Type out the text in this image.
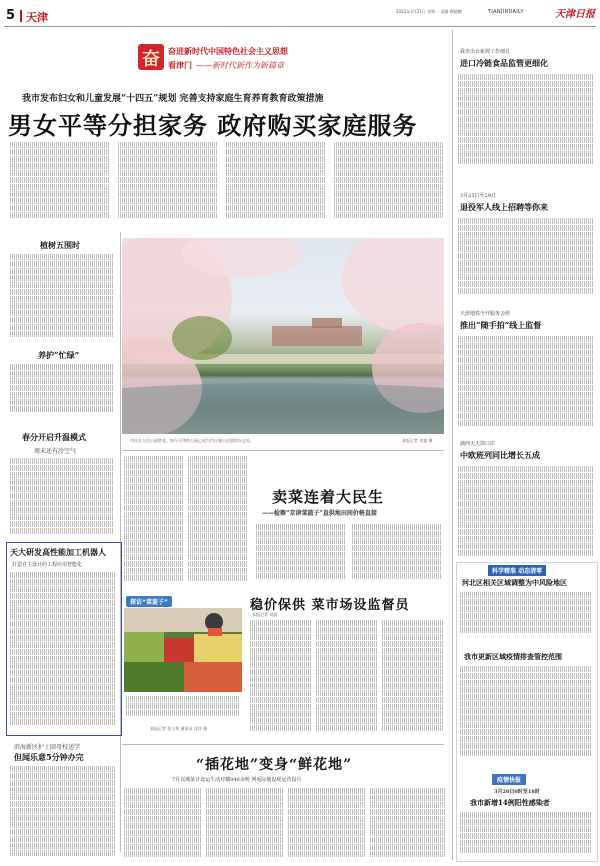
5 天津	2022年3月21日 星期一 责编:康晓鹏	TIANJINDAILY	天津日报
奋 奋进新时代中国特色社会主义思想
看津门 ——新时代新作为新篇章
我市发布妇女和儿童发展“十四五”规划 完善支持家庭生育养育教育政策措施
男女平等分担家务 政府购买家庭服务
植树五围时
养护“忙绿”
春分开启升温模式
周末还有冷空气
天大研发高性能加工机器人
打造自主设计的工程应用智能化
滨海新区护士回母校送学
但闻乐意5分钟办完
市民在人民公园赏花。如今天津的公园已成为市民春日出游的好去处。	本报记者 刘童 摄
卖菜连着大民生
——检察“京津菜篮子”直供地田间价格直接
探访“菜篮子”
本报记者 张立伟 通讯员 洋洋 摄
稳价保供 菜市场设监督员
本报记者 刘晨
“插花地”变身“鲜花地”
7月以城某计设运生活对插940余吨 网返际地设现运营投月
我市出台新规工作细目
进口冷链食品监管更细化
3月25日至29日
退役军人线上招聘等你来
天津地铁全开服务会班
推出“随手拍”线上监督
滴西天天滨口岸
中欧班列同比增长五成
科学精准 动态清零
河北区相关区域调整为中风险地区
我市更新区域疫情排查管控范围
疫情快报
3月20日0时至18时
我市新增14例阳性感染者
